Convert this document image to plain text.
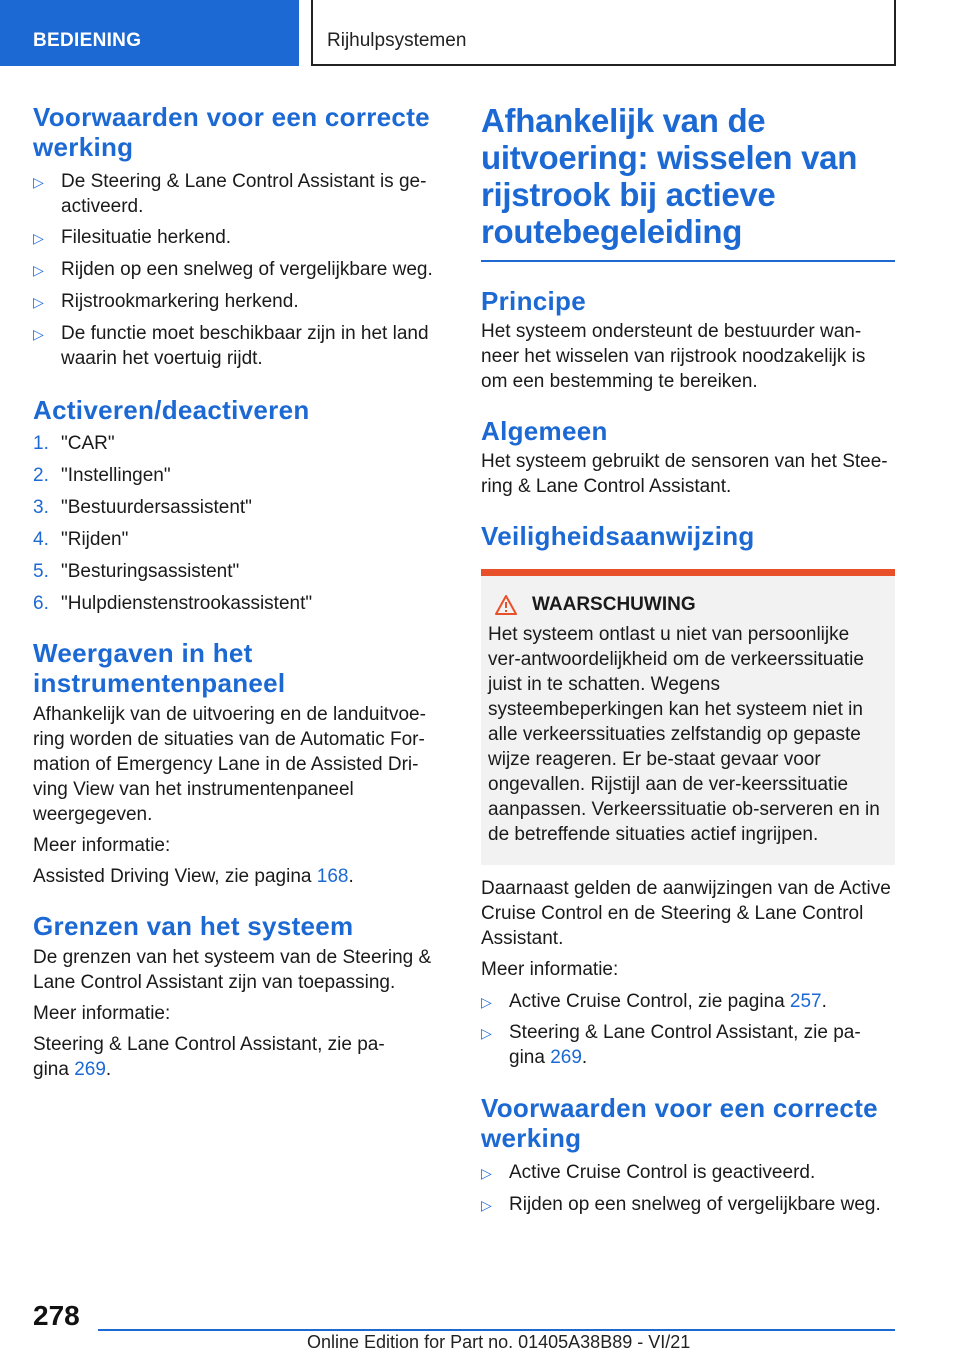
BEDIENING	Rijhulpsystemen
Voorwaarden voor een correcte werking
▷ De Steering & Lane Control Assistant is ge-activeerd.
▷ Filesituatie herkend.
▷ Rijden op een snelweg of vergelijkbare weg.
▷ Rijstrookmarkering herkend.
▷ De functie moet beschikbaar zijn in het land waarin het voertuig rijdt.
Activeren/deactiveren
1. "CAR"
2. "Instellingen"
3. "Bestuurdersassistent"
4. "Rijden"
5. "Besturingsassistent"
6. "Hulpdienstenstrookassistent"
Weergaven in het instrumentenpaneel

Afhankelijk van de uitvoering en de landuitvoe-ring worden de situaties van de Automatic For-mation of Emergency Lane in de Assisted Dri-ving View van het instrumentenpaneel weergegeven.

Meer informatie:

Assisted Driving View, zie pagina 168.

Grenzen van het systeem

De grenzen van het systeem van de Steering & Lane Control Assistant zijn van toepassing.

Meer informatie:

Steering & Lane Control Assistant, zie pa-gina 269.

Afhankelijk van de uitvoering: wisselen van rijstrook bij actieve routebegeleiding
Principe

Het systeem ondersteunt de bestuurder wan-neer het wisselen van rijstrook noodzakelijk is om een bestemming te bereiken.

Algemeen

Het systeem gebruikt de sensoren van het Stee-ring & Lane Control Assistant.

Veiligheidsaanwijzing
WAARSCHUWING

Het systeem ontlast u niet van persoonlijke ver-antwoordelijkheid om de verkeerssituatie juist in te schatten. Wegens systeembeperkingen kan het systeem niet in alle verkeerssituaties zelfstandig op gepaste wijze reageren. Er be-staat gevaar voor ongevallen. Rijstijl aan de ver-keerssituatie aanpassen. Verkeerssituatie ob-serveren en in de betreffende situaties actief ingrijpen.

Daarnaast gelden de aanwijzingen van de Active Cruise Control en de Steering & Lane Control Assistant.

Meer informatie:

▷ Active Cruise Control, zie pagina 257.
▷ Steering & Lane Control Assistant, zie pa-gina 269.
Voorwaarden voor een correcte werking
▷ Active Cruise Control is geactiveerd.
▷ Rijden op een snelweg of vergelijkbare weg.
278
Online Edition for Part no. 01405A38B89 - VI/21
